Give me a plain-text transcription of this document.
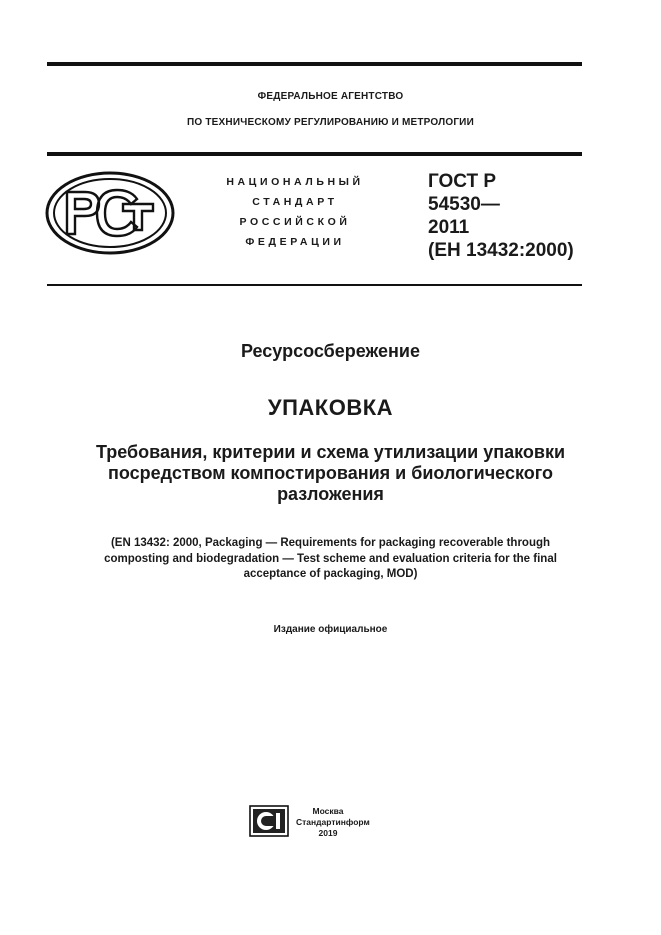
ФЕДЕРАЛЬНОЕ АГЕНТСТВО
ПО ТЕХНИЧЕСКОМУ РЕГУЛИРОВАНИЮ И МЕТРОЛОГИИ
НАЦИОНАЛЬНЫЙ
СТАНДАРТ
РОССИЙСКОЙ
ФЕДЕРАЦИИ
ГОСТ Р
54530—
2011
(ЕН 13432:2000)
Ресурсосбережение
УПАКОВКА
Требования, критерии и схема утилизации упаковки
посредством компостирования и биологического
разложения
(EN 13432: 2000, Packaging — Requirements for packaging recoverable through
composting and biodegradation — Test scheme and evaluation criteria for the final
acceptance of packaging, MOD)
Издание официальное
Москва
Стандартинформ
2019
